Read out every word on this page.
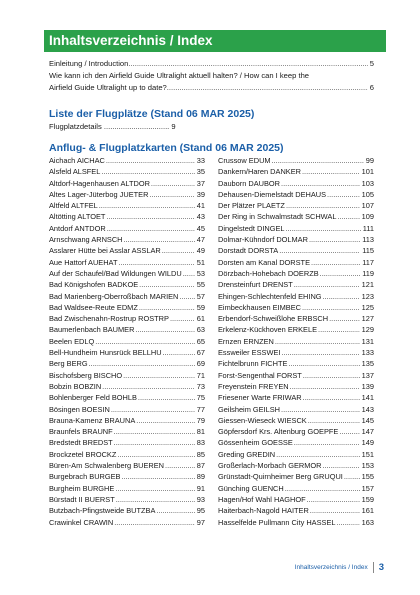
Inhaltsverzeichnis / Index
Einleitung / Introduction .....	5
Wie kann ich den Airfield Guide Ultralight aktuell halten? / How can I keep the
Airfield Guide Ultralight up to date? .....	6
Liste der Flugplätze (Stand 06 MAR 2025)
Flugplatzdetails ............................... 9
Anflug- & Flugplatzkarten (Stand 06 MAR 2025)
Aichach AICHAC .....	33
Alsfeld ALSFEL .....	35
Altdorf-Hagenhausen ALTDOR .....	37
Altes Lager-Jüterbog JUETER .....	39
Altfeld ALTFEL .....	41
Altötting ALTOET .....	43
Antdorf ANTDOR .....	45
Arnschwang ARNSCH .....	47
Asslarer Hütte bei Asslar ASSLAR .....	49
Aue Hattorf AUEHAT .....	51
Auf der Schaufel/Bad Wildungen WILDU ..... 53
Bad Königshofen BADKOE .....	55
Bad Marienberg-Oberroßbach MARIEN ..... 57
Bad Waldsee-Reute EDMZ .....	59
Bad Zwischenahn-Rostrup ROSTRP .....	61
Baumerlenbach BAUMER .....	63
Beelen EDLQ .....	65
Bell-Hundheim Hunsrück BELLHU .....	67
Berg BERG .....	69
Bischofsberg BISCHO .....	71
Bobzin BOBZIN .....	73
Bohlenberger Feld BOHLB .....	75
Bösingen BOESIN .....	77
Brauna-Kamenz BRAUNA .....	79
Braunfels BRAUNF .....	81
Bredstedt BREDST .....	83
Brockzetel BROCKZ .....	85
Büren-Am Schwalenberg BUEREN .....	87
Burgebrach BURGEB .....	89
Burgheim BURGHE .....	91
Bürstadt II BUERST .....	93
Butzbach-Pfingstweide BUTZBA .....	95
Crawinkel CRAWIN .....	97
Crussow EDUM .....	99
Dankern/Haren DANKER .....	101
Dauborn DAUBOR .....	103
Dehausen-Diemelstadt DEHAUS .....	105
Der Plätzer PLAETZ .....	107
Der Ring in Schwalmstadt SCHWAL .....	109
Dingelstedt DINGEL .....	111
Dolmar-Kühndorf DOLMAR .....	113
Dorstadt DORSTA .....	115
Dorsten am Kanal DORSTE .....	117
Dörzbach-Hohebach DOERZB .....	119
Drensteinfurt DRENST .....	121
Ehingen-Schlechtenfeld EHING .....	123
Eimbeckhausen EIMBEC .....	125
Erbendorf-Schweißlohe ERBSCH .....	127
Erkelenz-Kückhoven ERKELE .....	129
Ernzen ERNZEN .....	131
Essweiler ESSWEI .....	133
Fichtelbrunn FICHTE .....	135
Forst-Sengenthal FORST .....	137
Freyenstein FREYEN .....	139
Friesener Warte FRIWAR .....	141
Geilsheim GEILSH .....	143
Giessen-Wieseck WIESCK .....	145
Göpfersdorf Krs. Altenburg GOEPFE .....	147
Gössenheim GOESSE .....	149
Greding GREDIN .....	151
Großerlach-Morbach GERMOR .....	153
Grünstadt-Quirnheimer Berg GRUQUI .....	155
Günching GUENCH .....	157
Hagen/Hof Wahl HAGHOF .....	159
Haiterbach-Nagold HAITER .....	161
Hasselfelde Pullmann City HASSEL .....	163
Inhaltsverzeichnis / Index	3
